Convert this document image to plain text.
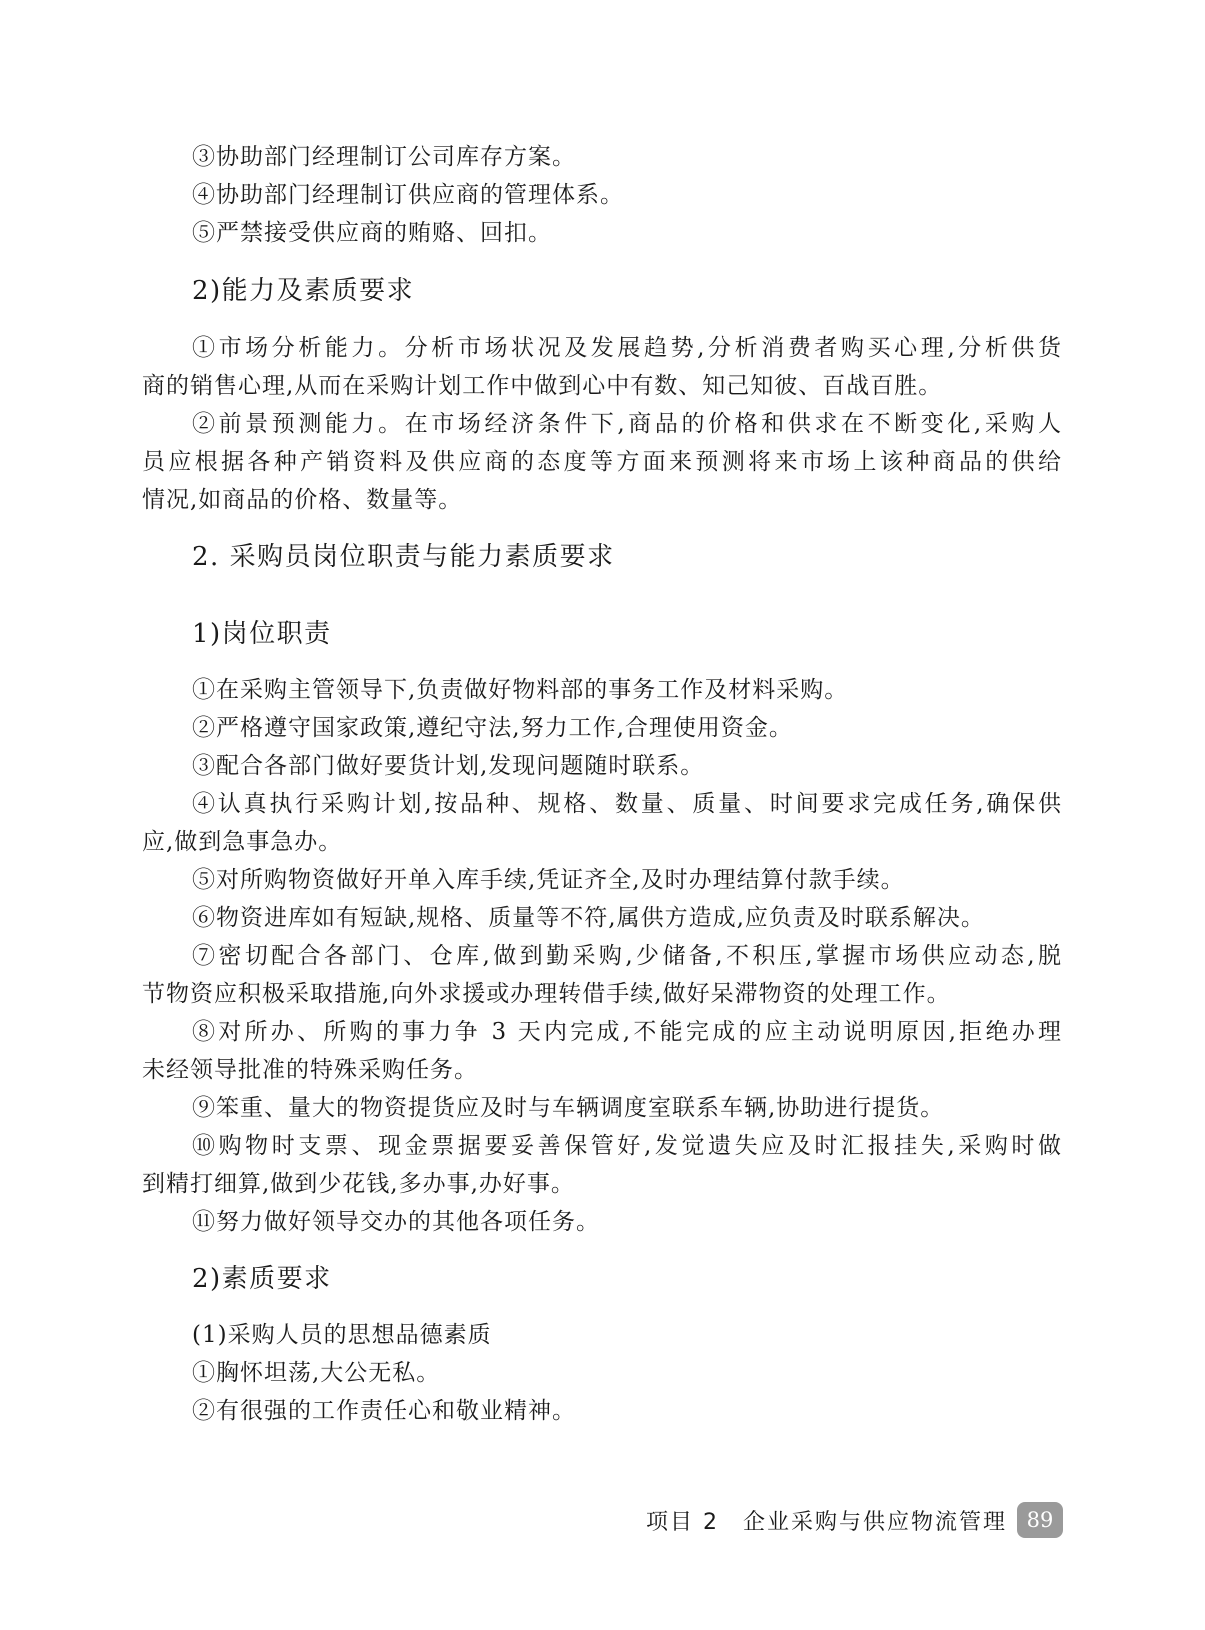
③协助部门经理制订公司库存方案。
④协助部门经理制订供应商的管理体系。
⑤严禁接受供应商的贿赂、回扣。
2)能力及素质要求
①市场分析能力。分析市场状况及发展趋势,分析消费者购买心理,分析供货
商的销售心理,从而在采购计划工作中做到心中有数、知己知彼、百战百胜。
②前景预测能力。在市场经济条件下,商品的价格和供求在不断变化,采购人
员应根据各种产销资料及供应商的态度等方面来预测将来市场上该种商品的供给
情况,如商品的价格、数量等。
2. 采购员岗位职责与能力素质要求
1)岗位职责
①在采购主管领导下,负责做好物料部的事务工作及材料采购。
②严格遵守国家政策,遵纪守法,努力工作,合理使用资金。
③配合各部门做好要货计划,发现问题随时联系。
④认真执行采购计划,按品种、规格、数量、质量、时间要求完成任务,确保供
应,做到急事急办。
⑤对所购物资做好开单入库手续,凭证齐全,及时办理结算付款手续。
⑥物资进库如有短缺,规格、质量等不符,属供方造成,应负责及时联系解决。
⑦密切配合各部门、仓库,做到勤采购,少储备,不积压,掌握市场供应动态,脱
节物资应积极采取措施,向外求援或办理转借手续,做好呆滞物资的处理工作。
⑧对所办、所购的事力争 3 天内完成,不能完成的应主动说明原因,拒绝办理
未经领导批准的特殊采购任务。
⑨笨重、量大的物资提货应及时与车辆调度室联系车辆,协助进行提货。
⑩购物时支票、现金票据要妥善保管好,发觉遗失应及时汇报挂失,采购时做
到精打细算,做到少花钱,多办事,办好事。
⑪努力做好领导交办的其他各项任务。
2)素质要求
(1)采购人员的思想品德素质
①胸怀坦荡,大公无私。
②有很强的工作责任心和敬业精神。
项目 2　企业采购与供应物流管理 89
